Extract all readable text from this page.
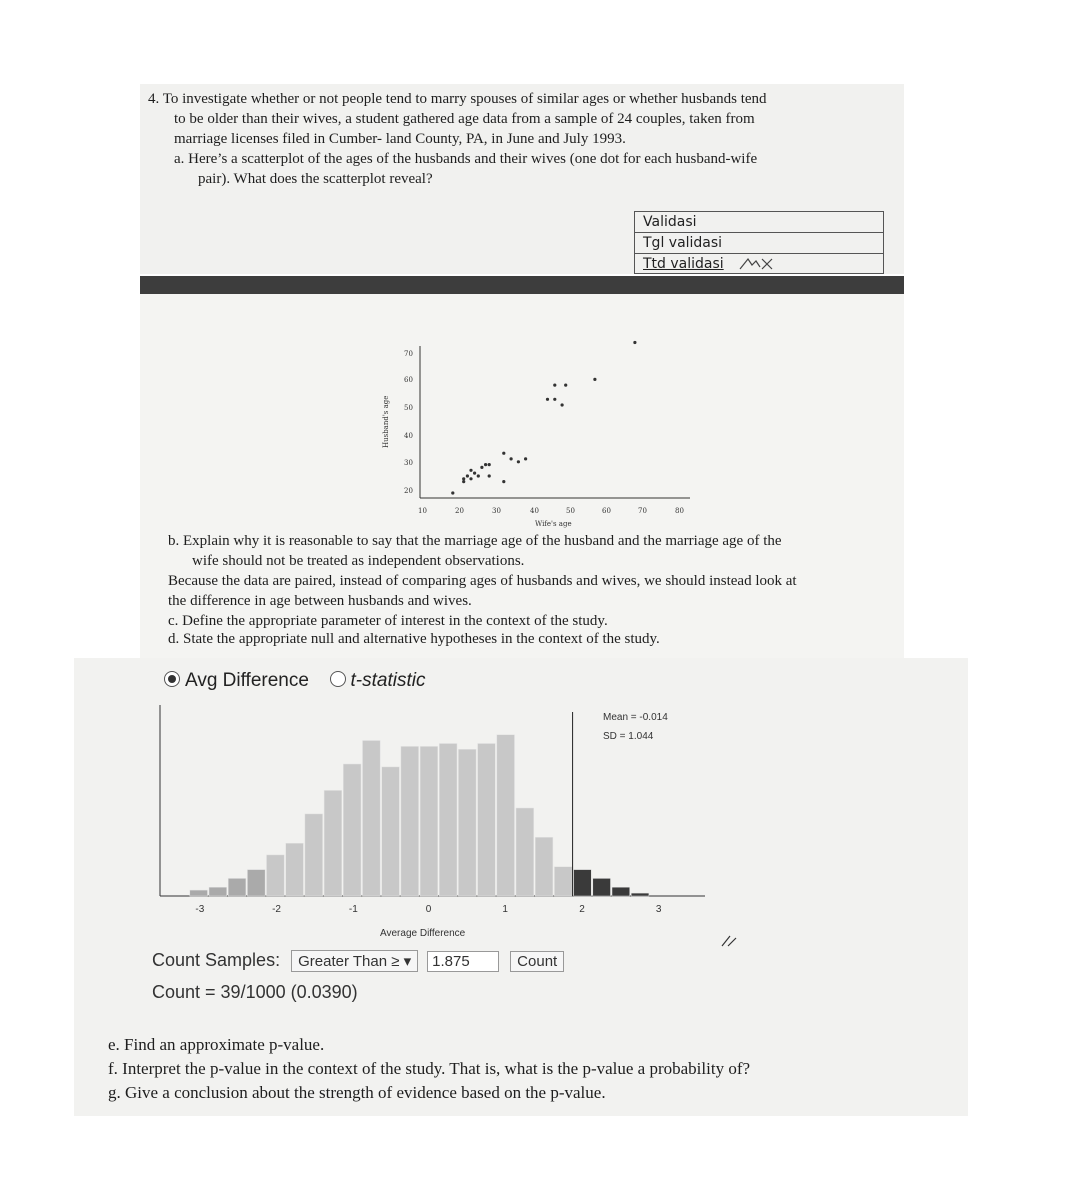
4. To investigate whether or not people tend to marry spouses of similar ages or whether husbands tend
to be older than their wives, a student gathered age data from a sample of 24 couples, taken from
marriage licenses filed in Cumber- land County, PA, in June and July 1993.
a. Here’s a scatterplot of the ages of the husbands and their wives (one dot for each husband-wife
pair). What does the scatterplot reveal?
Validasi
Tgl validasi
Ttd validasi
b. Explain why it is reasonable to say that the marriage age of the husband and the marriage age of the
wife should not be treated as independent observations.
Because the data are paired, instead of comparing ages of husbands and wives, we should instead look at
the difference in age between husbands and wives.
c. Define the appropriate parameter of interest in the context of the study.
d. State the appropriate null and alternative hypotheses in the context of the study.
Husband's age
Wife's age
70
60
50
40
30
20
10	20	30	40	50	60	70	80
Avg Difference t-statistic
Mean = -0.014
SD = 1.044
-3	-2	-1	0	1	2	3
Average Difference
Count Samples: Greater Than ≥ ▾ 1.875	Count
Count = 39/1000 (0.0390)
e. Find an approximate p-value.
f. Interpret the p-value in the context of the study. That is, what is the p-value a probability of?
g. Give a conclusion about the strength of evidence based on the p-value.
